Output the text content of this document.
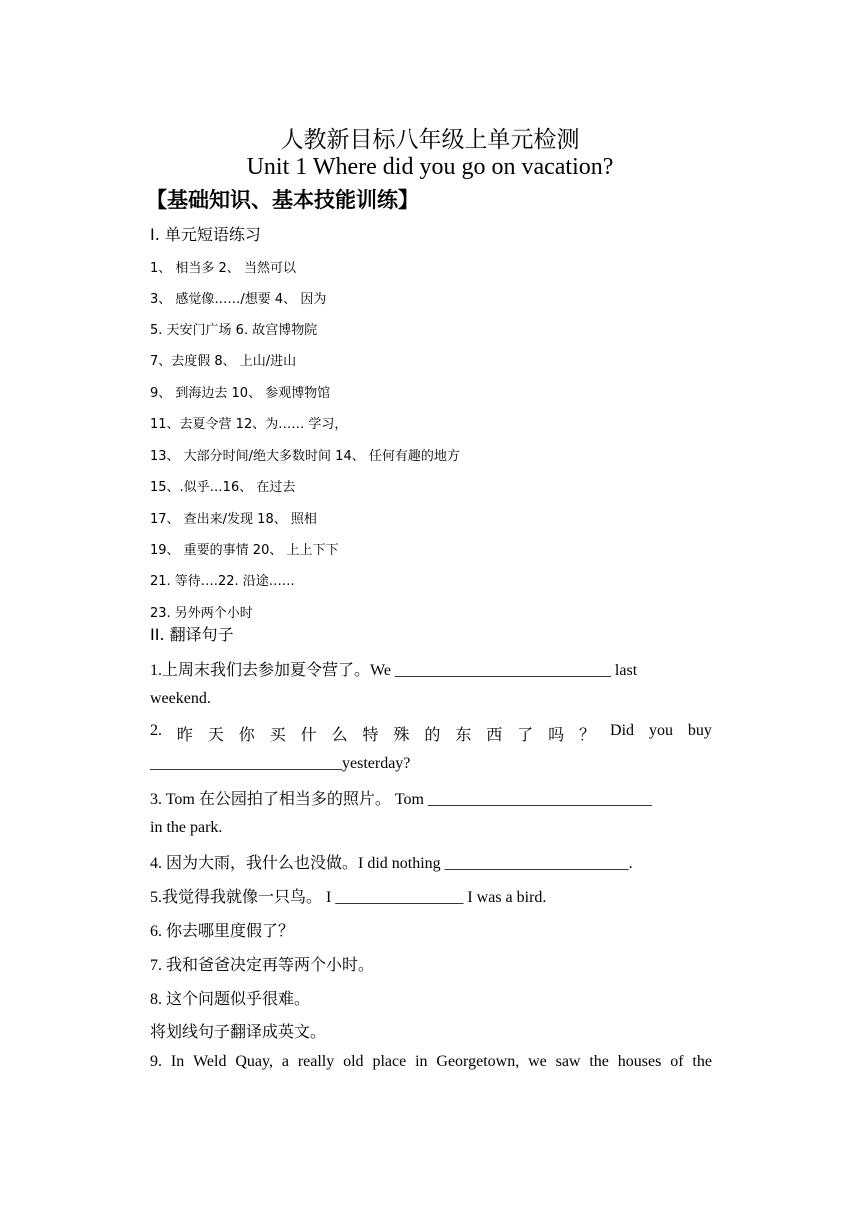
人教新目标八年级上单元检测
Unit 1 Where did you go on vacation?
【基础知识、基本技能训练】
I. 单元短语练习
1、 相当多 2、 当然可以
3、 感觉像……/想要 4、 因为
5. 天安门广场 6. 故宫博物院
7、去度假 8、 上山/进山
9、 到海边去 10、 参观博物馆
11、去夏令营 12、为…… 学习，
13、 大部分时间/绝大多数时间 14、 任何有趣的地方
15、.似乎…16、 在过去
17、 查出来/发现 18、 照相
19、 重要的事情 20、 上上下下
21. 等待….22. 沿途……
23. 另外两个小时
II. 翻译句子
1.上周末我们去参加夏令营了。We ___________________________ last
weekend.
2. 昨 天 你 买 什 么 特 殊 的 东 西 了 吗 ？ Did you buy
________________________yesterday?
3. Tom 在公园拍了相当多的照片。 Tom ____________________________
in the park.
4. 因为大雨，我什么也没做。I did nothing _______________________.
5.我觉得我就像一只鸟。 I ________________ I was a bird.
6. 你去哪里度假了？
7. 我和爸爸决定再等两个小时。
8. 这个问题似乎很难。
将划线句子翻译成英文。
9. In Weld Quay, a really old place in Georgetown, we saw the houses of the
